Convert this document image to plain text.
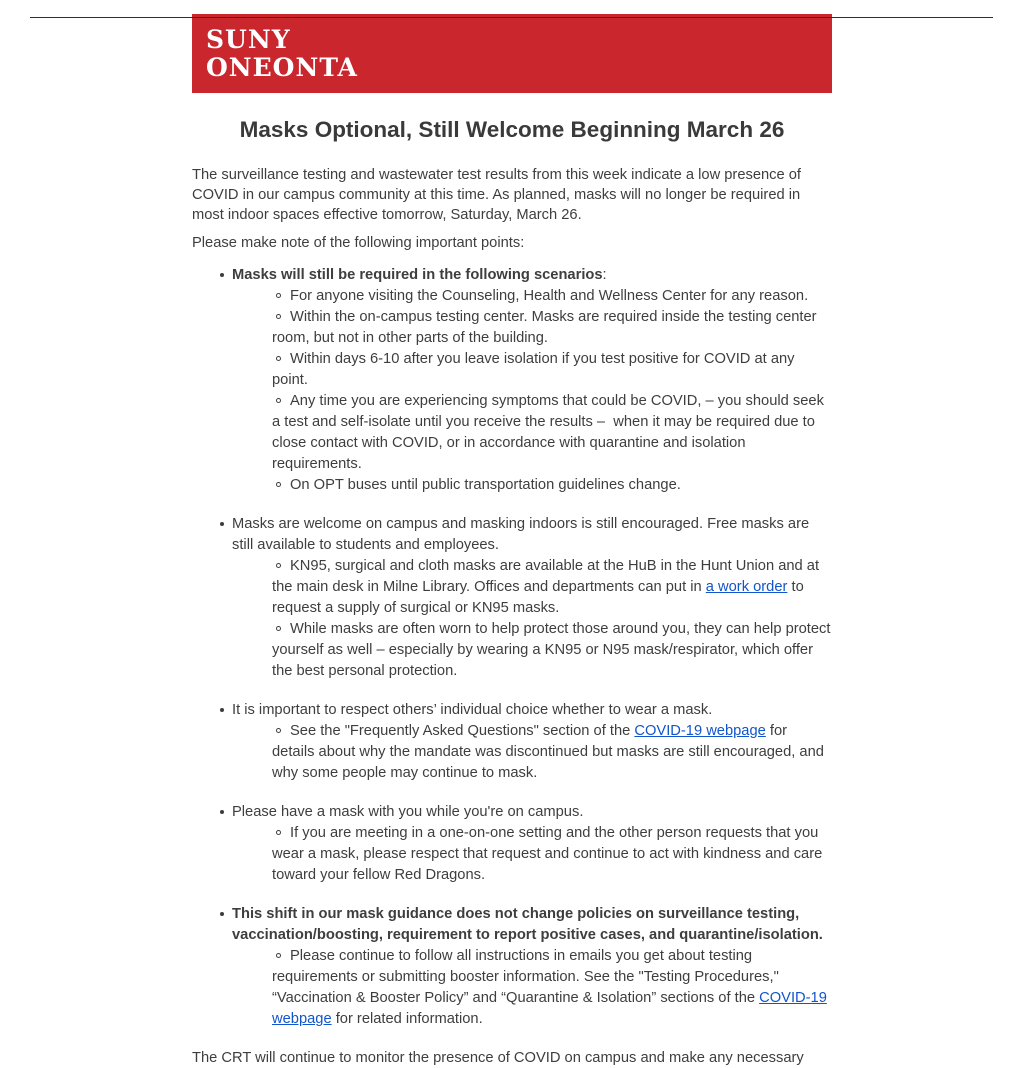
SUNY
ONEONTA
Masks Optional, Still Welcome Beginning March 26

The surveillance testing and wastewater test results from this week indicate a low presence of COVID in our campus community at this time. As planned, masks will no longer be required in most indoor spaces effective tomorrow, Saturday, March 26.

Please make note of the following important points:

Masks will still be required in the following scenarios:
For anyone visiting the Counseling, Health and Wellness Center for any reason.
Within the on-campus testing center. Masks are required inside the testing center room, but not in other parts of the building.
Within days 6-10 after you leave isolation if you test positive for COVID at any point.
Any time you are experiencing symptoms that could be COVID, – you should seek a test and self-isolate until you receive the results –  when it may be required due to close contact with COVID, or in accordance with quarantine and isolation requirements.
On OPT buses until public transportation guidelines change.
Masks are welcome on campus and masking indoors is still encouraged. Free masks are still available to students and employees.
KN95, surgical and cloth masks are available at the HuB in the Hunt Union and at the main desk in Milne Library. Offices and departments can put in a work order to request a supply of surgical or KN95 masks.
While masks are often worn to help protect those around you, they can help protect yourself as well – especially by wearing a KN95 or N95 mask/respirator, which offer the best personal protection.
It is important to respect others’ individual choice whether to wear a mask.
See the "Frequently Asked Questions" section of the COVID-19 webpage for details about why the mandate was discontinued but masks are still encouraged, and why some people may continue to mask.
Please have a mask with you while you're on campus.
If you are meeting in a one-on-one setting and the other person requests that you wear a mask, please respect that request and continue to act with kindness and care toward your fellow Red Dragons.
This shift in our mask guidance does not change policies on surveillance testing, vaccination/boosting, requirement to report positive cases, and quarantine/isolation.
Please continue to follow all instructions in emails you get about testing requirements or submitting booster information. See the "Testing Procedures," “Vaccination & Booster Policy” and “Quarantine & Isolation” sections of the COVID-19 webpage for related information.

The CRT will continue to monitor the presence of COVID on campus and make any necessary
